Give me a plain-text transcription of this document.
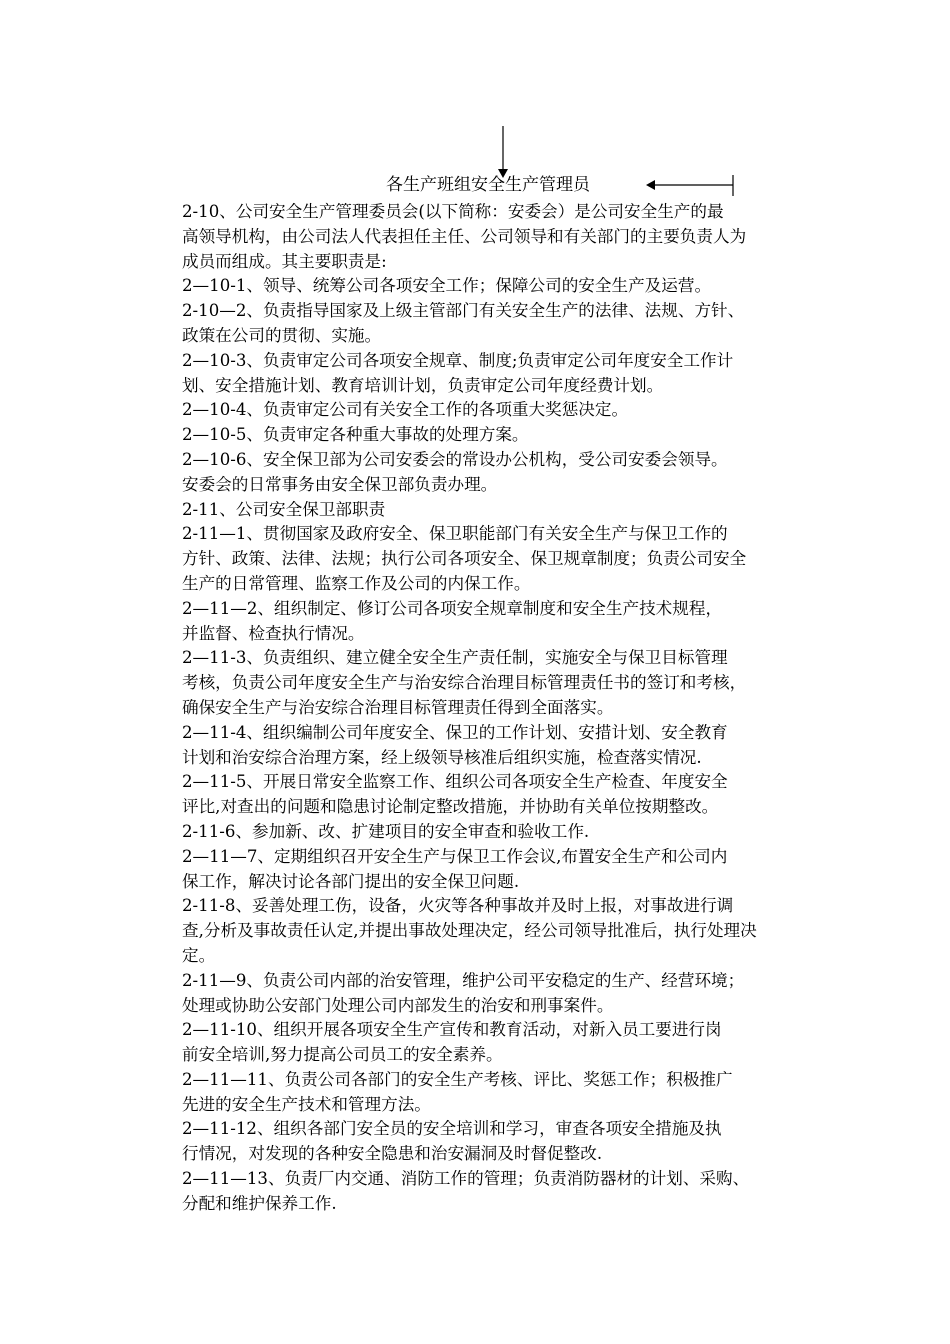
各生产班组安全生产管理员

2-10、公司安全生产管理委员会(以下简称：安委会）是公司安全生产的最
高领导机构，由公司法人代表担任主任、公司领导和有关部门的主要负责人为
成员而组成。其主要职责是:

2—10-1、领导、统筹公司各项安全工作；保障公司的安全生产及运营。

2-10—2、负责指导国家及上级主管部门有关安全生产的法律、法规、方针、
政策在公司的贯彻、实施。

2—10-3、负责审定公司各项安全规章、制度;负责审定公司年度安全工作计
划、安全措施计划、教育培训计划，负责审定公司年度经费计划。

2—10-4、负责审定公司有关安全工作的各项重大奖惩决定。

2—10-5、负责审定各种重大事故的处理方案。

2—10-6、安全保卫部为公司安委会的常设办公机构，受公司安委会领导。
安委会的日常事务由安全保卫部负责办理。

2-11、公司安全保卫部职责

2-11—1、贯彻国家及政府安全、保卫职能部门有关安全生产与保卫工作的
方针、政策、法律、法规；执行公司各项安全、保卫规章制度；负责公司安全
生产的日常管理、监察工作及公司的内保工作。

2—11—2、组织制定、修订公司各项安全规章制度和安全生产技术规程，
并监督、检查执行情况。

2—11-3、负责组织、建立健全安全生产责任制，实施安全与保卫目标管理
考核，负责公司年度安全生产与治安综合治理目标管理责任书的签订和考核，
确保安全生产与治安综合治理目标管理责任得到全面落实。

2—11-4、组织编制公司年度安全、保卫的工作计划、安措计划、安全教育
计划和治安综合治理方案，经上级领导核准后组织实施，检查落实情况.

2—11-5、开展日常安全监察工作、组织公司各项安全生产检查、年度安全
评比,对查出的问题和隐患讨论制定整改措施，并协助有关单位按期整改。

2-11-6、参加新、改、扩建项目的安全审查和验收工作.

2—11—7、定期组织召开安全生产与保卫工作会议,布置安全生产和公司内
保工作，解决讨论各部门提出的安全保卫问题.

2-11-8、妥善处理工伤，设备，火灾等各种事故并及时上报，对事故进行调
查,分析及事故责任认定,并提出事故处理决定，经公司领导批准后，执行处理决
定。

2-11—9、负责公司内部的治安管理，维护公司平安稳定的生产、经营环境；
处理或协助公安部门处理公司内部发生的治安和刑事案件。

2—11-10、组织开展各项安全生产宣传和教育活动，对新入员工要进行岗
前安全培训,努力提高公司员工的安全素养。

2—11—11、负责公司各部门的安全生产考核、评比、奖惩工作；积极推广
先进的安全生产技术和管理方法。

2—11-12、组织各部门安全员的安全培训和学习，审查各项安全措施及执
行情况，对发现的各种安全隐患和治安漏洞及时督促整改.

2—11—13、负责厂内交通、消防工作的管理；负责消防器材的计划、采购、
分配和维护保养工作.
